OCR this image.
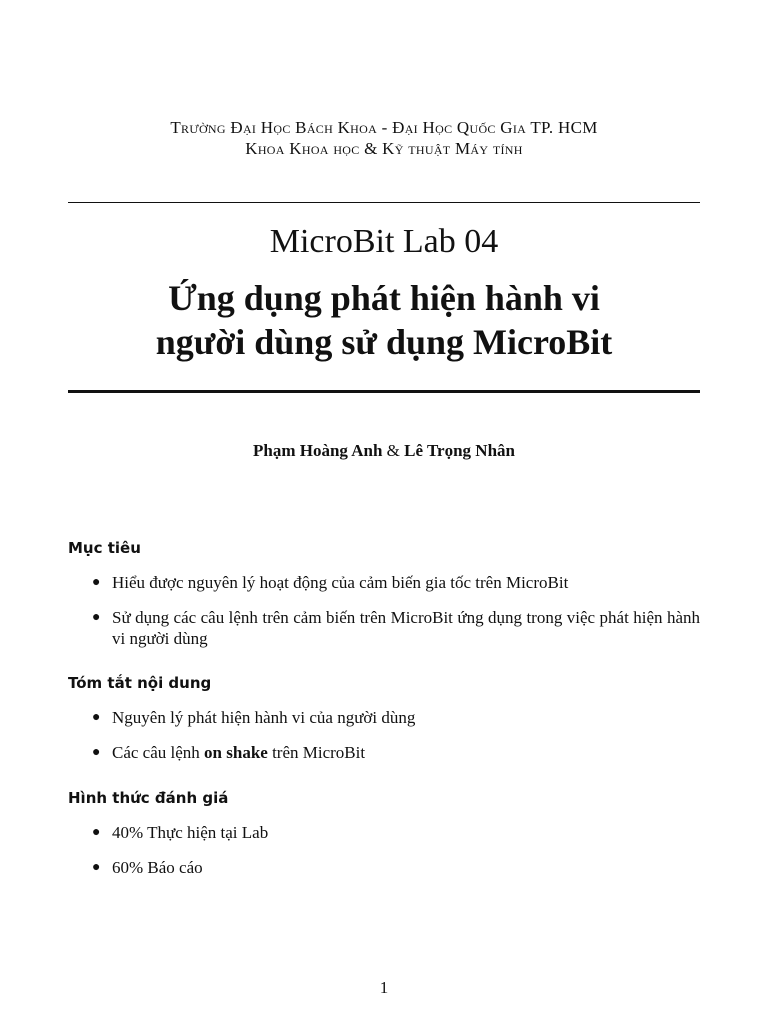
Trường Đại Học Bách Khoa - Đại Học Quốc Gia TP. HCM
Khoa Khoa học & Kỹ thuật Máy tính
MicroBit Lab 04
Ứng dụng phát hiện hành vi
người dùng sử dụng MicroBit
Phạm Hoàng Anh & Lê Trọng Nhân
Mục tiêu
● Hiểu được nguyên lý hoạt động của cảm biến gia tốc trên MicroBit
● Sử dụng các câu lệnh trên cảm biến trên MicroBit ứng dụng trong việc phát hiện hành vi người dùng
Tóm tắt nội dung
● Nguyên lý phát hiện hành vi của người dùng
● Các câu lệnh on shake trên MicroBit
Hình thức đánh giá
● 40% Thực hiện tại Lab
● 60% Báo cáo
1
